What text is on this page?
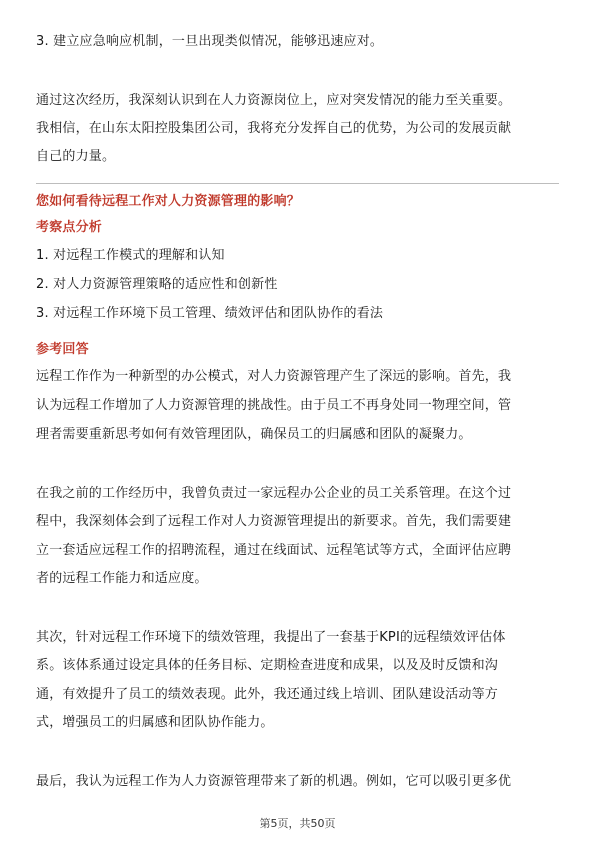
3. 建立应急响应机制，一旦出现类似情况，能够迅速应对。
通过这次经历，我深刻认识到在人力资源岗位上，应对突发情况的能力至关重要。
我相信，在山东太阳控股集团公司，我将充分发挥自己的优势，为公司的发展贡献
自己的力量。
您如何看待远程工作对人力资源管理的影响？
考察点分析
1. 对远程工作模式的理解和认知
2. 对人力资源管理策略的适应性和创新性
3. 对远程工作环境下员工管理、绩效评估和团队协作的看法
参考回答
远程工作作为一种新型的办公模式，对人力资源管理产生了深远的影响。首先，我
认为远程工作增加了人力资源管理的挑战性。由于员工不再身处同一物理空间，管
理者需要重新思考如何有效管理团队，确保员工的归属感和团队的凝聚力。
在我之前的工作经历中，我曾负责过一家远程办公企业的员工关系管理。在这个过
程中，我深刻体会到了远程工作对人力资源管理提出的新要求。首先，我们需要建
立一套适应远程工作的招聘流程，通过在线面试、远程笔试等方式，全面评估应聘
者的远程工作能力和适应度。
其次，针对远程工作环境下的绩效管理，我提出了一套基于KPI的远程绩效评估体
系。该体系通过设定具体的任务目标、定期检查进度和成果，以及及时反馈和沟
通，有效提升了员工的绩效表现。此外，我还通过线上培训、团队建设活动等方
式，增强员工的归属感和团队协作能力。
最后，我认为远程工作为人力资源管理带来了新的机遇。例如，它可以吸引更多优
第5页，共50页
